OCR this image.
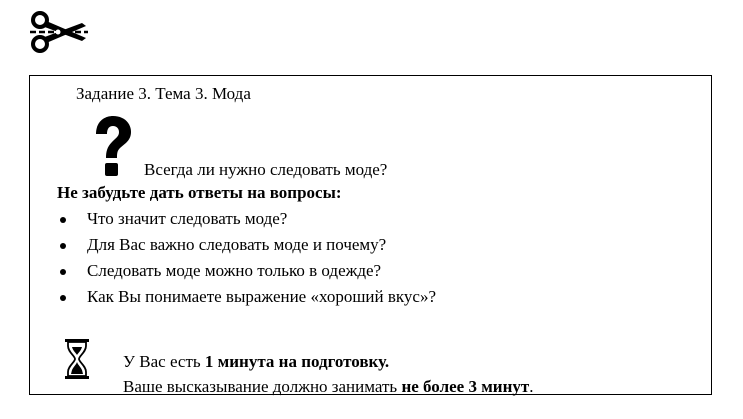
Задание 3. Тема 3. Мода
Всегда ли нужно следовать моде?
Не забудьте дать ответы на вопросы:
Что значит следовать моде?
Для Вас важно следовать моде и почему?
Следовать моде можно только в одежде?
Как Вы понимаете выражение «хороший вкус»?
У Вас есть 1 минута на подготовку.
Ваше высказывание должно занимать не более 3 минут.
